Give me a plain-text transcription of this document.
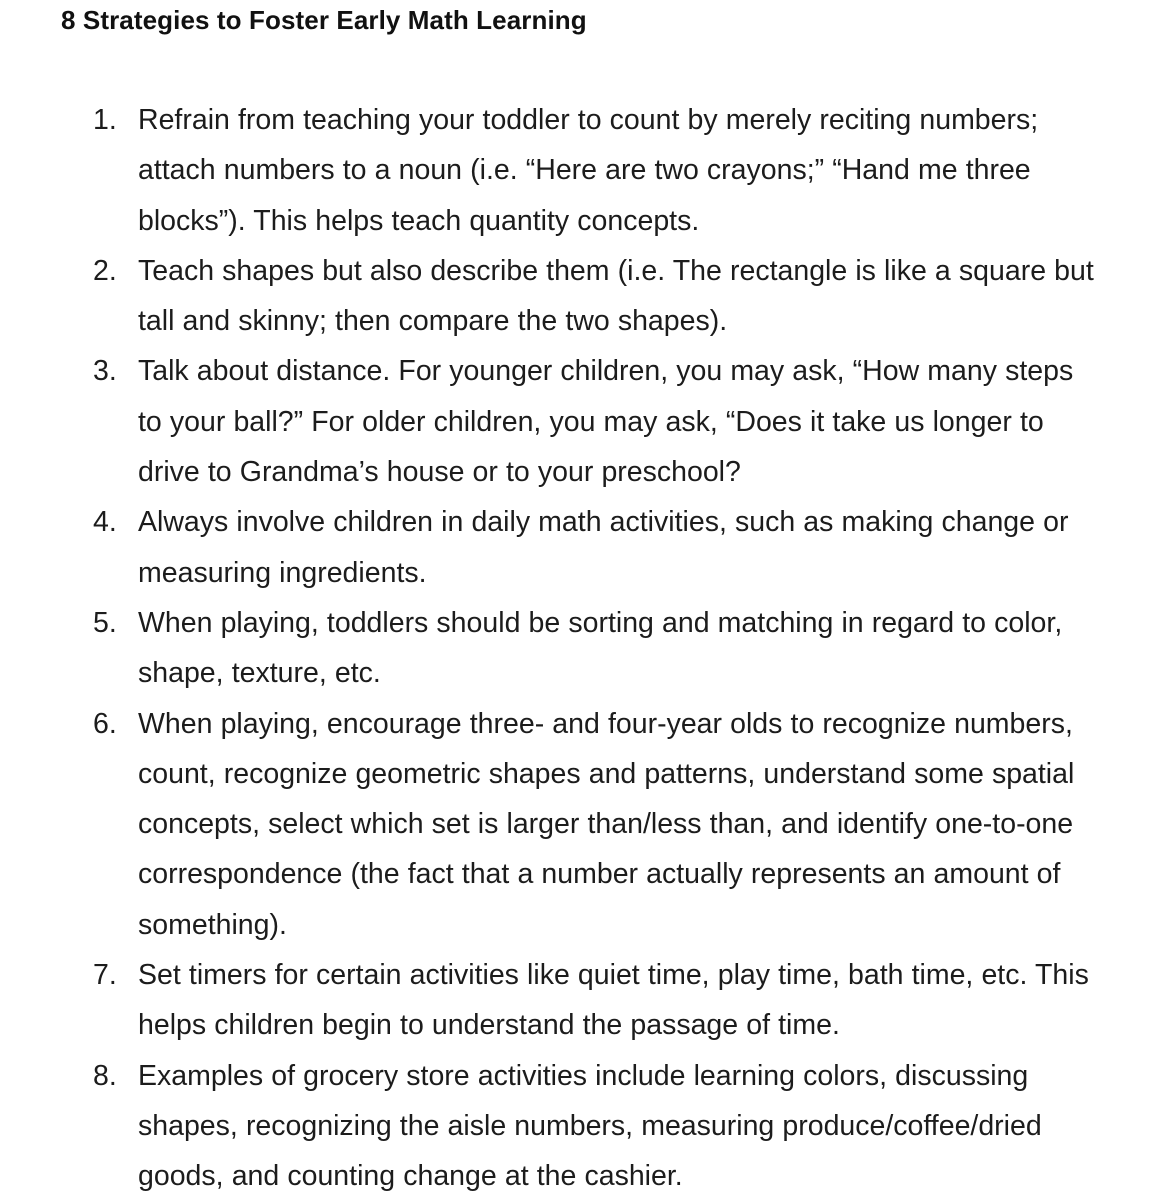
8 Strategies to Foster Early Math Learning
1. Refrain from teaching your toddler to count by merely reciting numbers; attach numbers to a noun (i.e. “Here are two crayons;” “Hand me three blocks”). This helps teach quantity concepts.
2. Teach shapes but also describe them (i.e. The rectangle is like a square but tall and skinny; then compare the two shapes).
3. Talk about distance. For younger children, you may ask, “How many steps to your ball?” For older children, you may ask, “Does it take us longer to drive to Grandma’s house or to your preschool?
4. Always involve children in daily math activities, such as making change or measuring ingredients.
5. When playing, toddlers should be sorting and matching in regard to color, shape, texture, etc.
6. When playing, encourage three- and four-year olds to recognize numbers, count, recognize geometric shapes and patterns, understand some spatial concepts, select which set is larger than/less than, and identify one-to-one correspondence (the fact that a number actually represents an amount of something).
7. Set timers for certain activities like quiet time, play time, bath time, etc. This helps children begin to understand the passage of time.
8. Examples of grocery store activities include learning colors, discussing shapes, recognizing the aisle numbers, measuring produce/coffee/dried goods, and counting change at the cashier.
